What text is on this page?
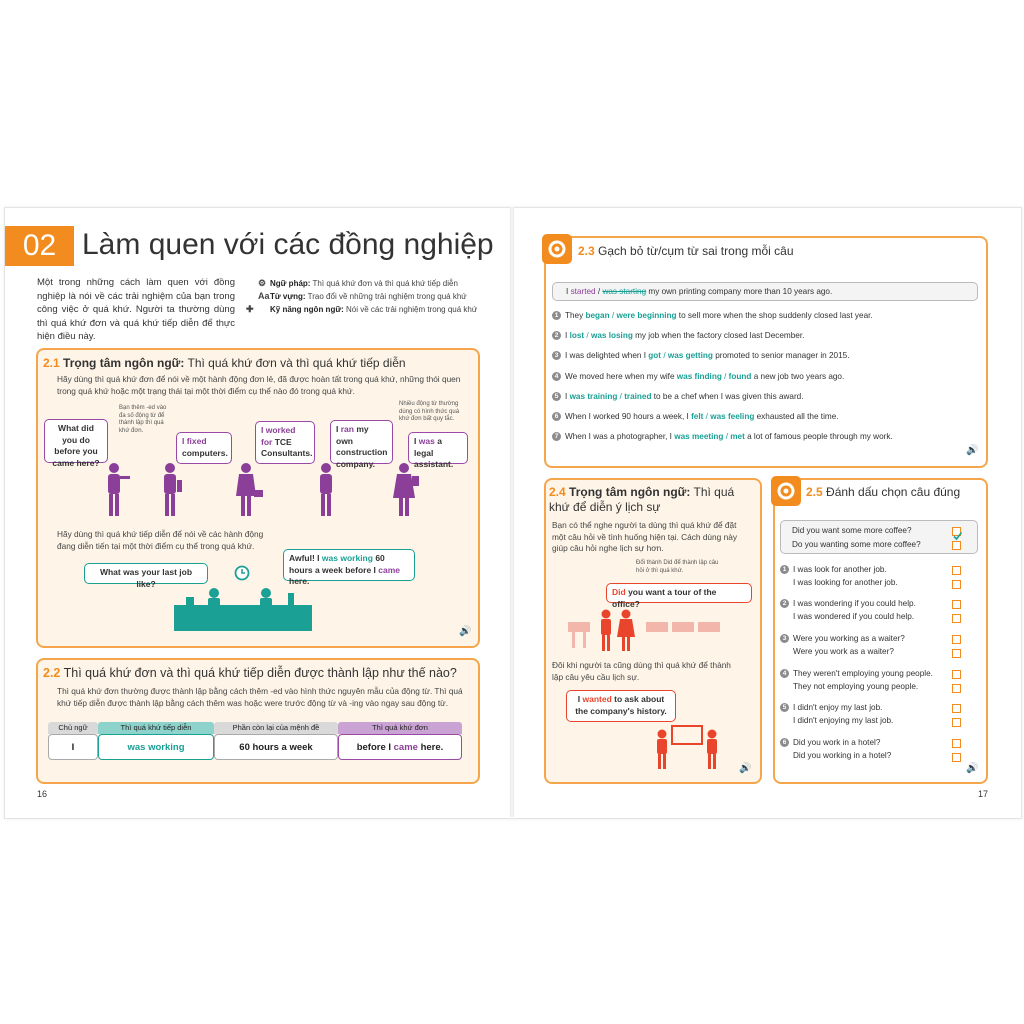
02 Làm quen với các đồng nghiệp
Một trong những cách làm quen với đồng nghiệp là nói về các trải nghiệm của bạn trong công việc ở quá khứ. Người ta thường dùng thì quá khứ đơn và quá khứ tiếp diễn để thực hiện điều này.
⚙ Ngữ pháp: Thì quá khứ đơn và thì quá khứ tiếp diễn
AaTừ vựng: Trao đổi về những trải nghiệm trong quá khứ
✚ Kỹ năng ngôn ngữ: Nói về các trải nghiệm trong quá khứ
2.1 Trọng tâm ngôn ngữ: Thì quá khứ đơn và thì quá khứ tiếp diễn
Hãy dùng thì quá khứ đơn để nói về một hành động đơn lẻ, đã được hoàn tất trong quá khứ, những thói quen trong quá khứ hoặc một trạng thái tại một thời điểm cụ thể nào đó trong quá khứ.
What did you do before you came here?
Bạn thêm -ed vào đa số động từ để thành lập thì quá khứ đơn.
Nhiều động từ thường dùng có hình thức quá khứ đơn bất quy tắc.
I fixed
computers.
I worked
for TCE Consultants.
I ran my own construction company.
I was a legal assistant.
Hãy dùng thì quá khứ tiếp diễn để nói về các hành động đang diễn tiến tại một thời điểm cụ thể trong quá khứ.
What was your last job like?
Awful! I was working 60 hours a week before I came here.
🔊
2.2 Thì quá khứ đơn và thì quá khứ tiếp diễn được thành lập như thế nào?
Thì quá khứ đơn thường được thành lập bằng cách thêm -ed vào hình thức nguyên mẫu của động từ. Thì quá khứ tiếp diễn được thành lập bằng cách thêm was hoặc were trước động từ và -ing vào ngay sau động từ.
Chủ ngữ	Thì quá khứ tiếp diễn	Phần còn lại của mệnh đề	Thì quá khứ đơn
I	was working	60 hours a week	before I came here.
16
2.3 Gạch bỏ từ/cụm từ sai trong mỗi câu
I started / was starting my own printing company more than 10 years ago.
1 They began / were beginning to sell more when the shop suddenly closed last year.
2 I lost / was losing my job when the factory closed last December.
3 I was delighted when I got / was getting promoted to senior manager in 2015.
4 We moved here when my wife was finding / found a new job two years ago.
5 I was training / trained to be a chef when I was given this award.
6 When I worked 90 hours a week, I felt / was feeling exhausted all the time.
7 When I was a photographer, I was meeting / met a lot of famous people through my work.
🔊
2.4 Trọng tâm ngôn ngữ: Thì quá khứ để diễn ý lịch sự
Bạn có thể nghe người ta dùng thì quá khứ để đặt một câu hỏi về tình huống hiện tại. Cách dùng này giúp câu hỏi nghe lịch sự hơn.
Đổi thành Did để thành lập câu hỏi ở thì quá khứ.
Did you want a tour of the office?
Đôi khi người ta cũng dùng thì quá khứ để thành lập câu yêu cầu lịch sự.
I wanted to ask about the company's history.
🔊
2.5 Đánh dấu chọn câu đúng
Did you want some more coffee?
Do you wanting some more coffee?
1 I was look for another job.
I was looking for another job.
2 I was wondering if you could help.
I was wondered if you could help.
3 Were you working as a waiter?
Were you work as a waiter?
4 They weren't employing young people.
They not employing young people.
5 I didn't enjoy my last job.
I didn't enjoying my last job.
6 Did you work in a hotel?
Did you working in a hotel?
🔊
17
